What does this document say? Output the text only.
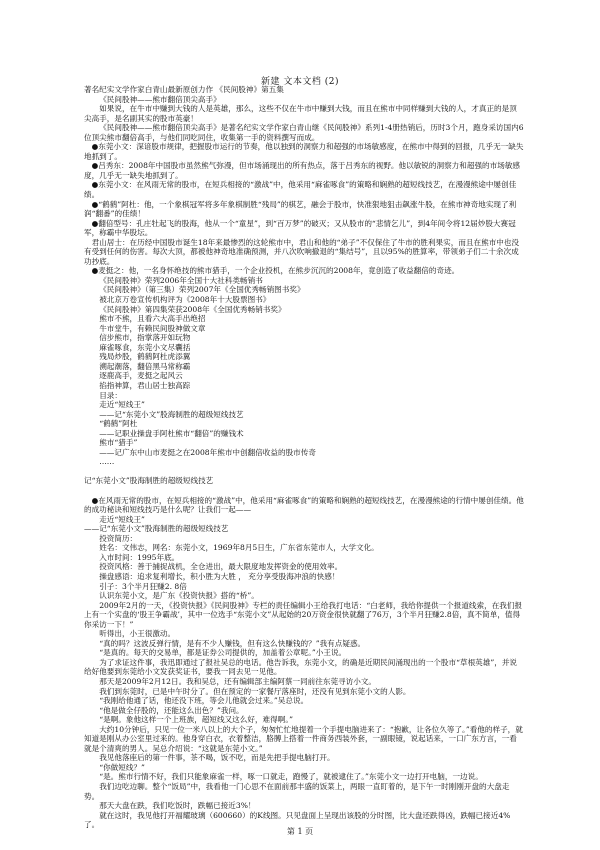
新建 文本文档 (2)

著名纪实文学作家白青山最新原创力作 《民间股神》第五集

《民间股神——熊市翻倍顶尖高手》

如果说，在牛市中赚到大钱的人是英雄，那么，这些不仅在牛市中赚到大钱，而且在熊市中同样赚到大钱的人，才真正的是顶尖高手，是名副其实的股市英豪！

《民间股神——熊市翻倍顶尖高手》是著名纪实文学作家白青山继《民间股神》系列1-4册热销后，历时3个月，跑身采访国内6位顶尖熊市翻倍高手，与他们同吃同住，收集第一手的资料撰写而成。

●东莞小文：深谙股市规律，把握股市运行的节奏，他以独到的洞察力和超强的市场敏感度，在熊市中得到的回报，几乎无一缺失地抓到了。

●吕秀东：2008年中国股市虽然熊气弥漫，但市场涌现出的所有热点，落于吕秀东的视野。他以敏锐的洞察力和超强的市场敏感度，几乎无一缺失地抓到了。

●东莞小文：在风雨无常的股市，在短兵相接的“激战”中，他采用“麻雀啄食”的策略和娴熟的超短线技艺，在漫漫熊途中屡创佳绩。

●“鹤鹤”阿杜：他，一个象棋冠军将多年象棋制胜“残局”的棋艺，融会于股市，快准狠地狙击飙涨牛股，在熊市神奇地实现了利润“翻番”的佳绩！

●翻倍型号：孔庄牡起飞的股海，他从一个“童星”，到“百万梦”的破灭；又从股市的“悲情乞儿”，到4年间令将12届炒股大赛冠军，称霸中华股坛。

君山居士：在历经中国股市诞生18年来最惨烈的这轮熊市中，君山和他的“弟子”不仅保住了牛市的胜利果实，而且在熊市中也没有受到任何的伤害。每次大顶，都被他神奇地准确预测，并八次吹响撤退的“集结号”，且以95%的胜算率，带领弟子们二十余次成功抄底。

●麦挺之：他，一名身怀绝技的熊市猎手，一个企业投机，在熊步沉沉的2008年，竟创造了收益翻倍的奇迹。

《民间股神》荣列2006年全国十大社科类畅销书

《民间股神》（第三集）荣列2007年《全国优秀畅销图书奖》

被北京万卷宣传机构评为《2008年十大股票图书》

《民间股神》第四集荣获2008年《全国优秀畅销书奖》

熊市不熊，且看六大高手出绝招

牛市堂牛，有赖民间股神做文章

信步熊市，指掌落开如玩物

麻雀啄食，东莞小文尽囊括

残局炒股，鹤鹤阿杜虎添翼

溯起潮落，翻倍黑马常称霸

逐鹿高手，麦挺之起风云

掐指神算，君山居士独高踪

目录：

走近“短线王”

——记“东莞小文”股海制胜的超级短线技艺

“鹤鹤”阿杜

——记职业操盘手阿杜熊市“翻倍”的赚钱术

熊市“猎手”

——记广东中山市麦挺之在2008年熊市中创翻倍收益的股市传奇

……

记“东莞小文”股海制胜的超级短线技艺

●在风雨无常的股市，在短兵相接的“激战”中，他采用“麻雀啄食”的策略和娴熟的超短线技艺，在漫漫熊途的行情中屡创佳绩。他的成功秘诀和短线技巧是什么呢？让我们一起——

走近“短线王”

——记“东莞小文”股海制胜的超级短线技艺

投资简历：

姓名：文伟志，网名：东莞小文，1969年8月5日生，广东省东莞市人，大学文化。

入市时间：1995年底。

投资风格：善于捕捉战机，全仓进出，最大限度地发挥资金的使用效率。

操盘感语：追求复利增长，积小胜为大胜 ， 充分享受股海冲浪的快感！

引子：3个半月狂赚2. 8倍

认识东莞小文，是广东《投资快报》搭的“桥”。

2009年2月的一天，《投资快报》《民间股神》专栏的责任编辑小王给我打电话：“白老师，我给你提供一个报道线索，在我们报上有一个实盘的‘股王争霸战’，其中一位选手“东莞小文”从起始的20万资金很快就翻了76万，3个半月狂赚2.8倍，真不简单，值得你采访一下！”

听得出，小王很激动。

“真的吗？这波反弹行情，是有不少人赚钱，但有这么快赚钱的？”我有点疑惑。

“是真的。每天的交易单，都是证券公司提供的，加盖着公章呢。”小王说。

为了求证这件事，我迅即通过了报社吴总的电话。他告诉我，东莞小文，的确是近期民间涌现出的一个股市“草根英雄”，并说给好他要到东莞给小文发获奖证书，要我一同去见一见他。

那天是2009年2月12日。我和吴总，还有编辑部主编阿蔡一同前往东莞寻访小文。

我们到东莞时，已是中午时分了。但在预定的一家餐厅落座时，还没有见到东莞小文的人影。

“我刚给他通了话，他还没下班，等会儿他就会过来。”吴总说。

“他是做全仔股的，还能这么出色？”我问。

“是啊。象他这样一个上班族，超短线又这么好，难得啊。”

大约10分钟后，只见一位一米八以上的大个子，匆匆忙忙地提着一个手提电脑进来了：“抱歉，让各位久等了。”看他的样子，就知道是刚从办公室里过来的。他身穿白衣，衣着整洁，胳膊上搭着一件商务西装外套，一副眼镜，说起话来，一口广东方言，一看就是个清爽的男人。吴总介绍说：“这就是东莞小文。”

我见他落座后的第一件事，茶不喝，饭不吃，而是先把手提电脑打开。

“你做短线？”

“是。熊市行情不好，我们只能象麻雀一样，啄一口就走，跑慢了，就被逮住了。”东莞小文一边打开电脑，一边说。

我们边吃边聊。整个“饭局”中，我看他一门心思不在面前那丰盛的饭菜上，两眼一直盯着的，是下午一时刚刚开盘的大盘走势。

那天大盘在跌，我们吃饭时，跌幅已接近3%！

就在这时，我见他打开福耀玻璃（600660）的K线图。只见盘面上呈现出该股的分时图，比大盘还跌得凶，跌幅已接近4%了。

第 1 页
